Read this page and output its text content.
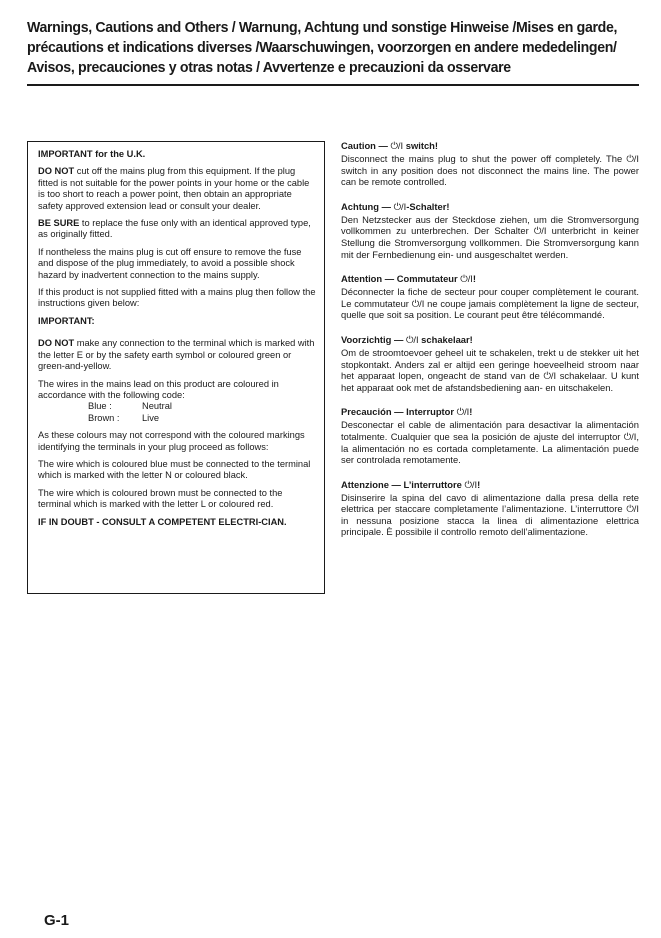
Warnings, Cautions and Others / Warnung, Achtung und sonstige Hinweise /Mises en garde,
précautions et indications diverses /Waarschuwingen, voorzorgen en andere mededelingen/
Avisos, precauciones y otras notas / Avvertenze e precauzioni da osservare

IMPORTANT for the U.K.

DO NOT cut off the mains plug from this equipment. If the plug fitted is not suitable for the power points in your home or the cable is too short to reach a power point, then obtain an appropriate safety approved extension lead or consult your dealer.

BE SURE to replace the fuse only with an identical approved type, as originally fitted.

If nontheless the mains plug is cut off ensure to remove the fuse and dispose of the plug immediately, to avoid a possible shock hazard by inadvertent connection to the mains supply.

If this product is not supplied fitted with a mains plug then follow the instructions given below:

IMPORTANT:

DO NOT make any connection to the terminal which is marked with the letter E or by the safety earth symbol or coloured green or green-and-yellow.

The wires in the mains lead on this product are coloured in accordance with the following code:

Blue :	Neutral
Brown :	Live

As these colours may not correspond with the coloured markings identifying the terminals in your plug proceed as follows:

The wire which is coloured blue must be connected to the terminal which is marked with the letter N or coloured black.

The wire which is coloured brown must be connected to the terminal which is marked with the letter L or coloured red.

IF IN DOUBT - CONSULT A COMPETENT ELECTRI-CIAN.

Caution — ⏻/I switch!

Disconnect the mains plug to shut the power off completely. The ⏻/I switch in any position does not disconnect the mains line. The power can be remote controlled.

Achtung — ⏻/I-Schalter!

Den Netzstecker aus der Steckdose ziehen, um die Stromversorgung vollkommen zu unterbrechen. Der Schalter ⏻/I unterbricht in keiner Stellung die Stromversorgung vollkommen. Die Stromversorgung kann mit der Fernbedienung ein- und ausgeschaltet werden.

Attention — Commutateur ⏻/I!

Déconnecter la fiche de secteur pour couper complètement le courant. Le commutateur ⏻/I ne coupe jamais complètement la ligne de secteur, quelle que soit sa position. Le courant peut être télécommandé.

Voorzichtig — ⏻/I schakelaar!

Om de stroomtoevoer geheel uit te schakelen, trekt u de stekker uit het stopkontakt. Anders zal er altijd een geringe hoeveelheid stroom naar het apparaat lopen, ongeacht de stand van de ⏻/I schakelaar. U kunt het apparaat ook met de afstandsbediening aan- en uitschakelen.

Precaución — Interruptor ⏻/I!

Desconectar el cable de alimentación para desactivar la alimentación totalmente. Cualquier que sea la posición de ajuste del interruptor ⏻/I, la alimentación no es cortada completamente. La alimentación puede ser controlada remotamente.

Attenzione — L’interruttore ⏻/I!

Disinserire la spina del cavo di alimentazione dalla presa della rete elettrica per staccare completamente l’alimentazione. L’interruttore ⏻/I in nessuna posizione stacca la linea di alimentazione elettrica principale. È possibile il controllo remoto dell’alimentazione.

G-1
